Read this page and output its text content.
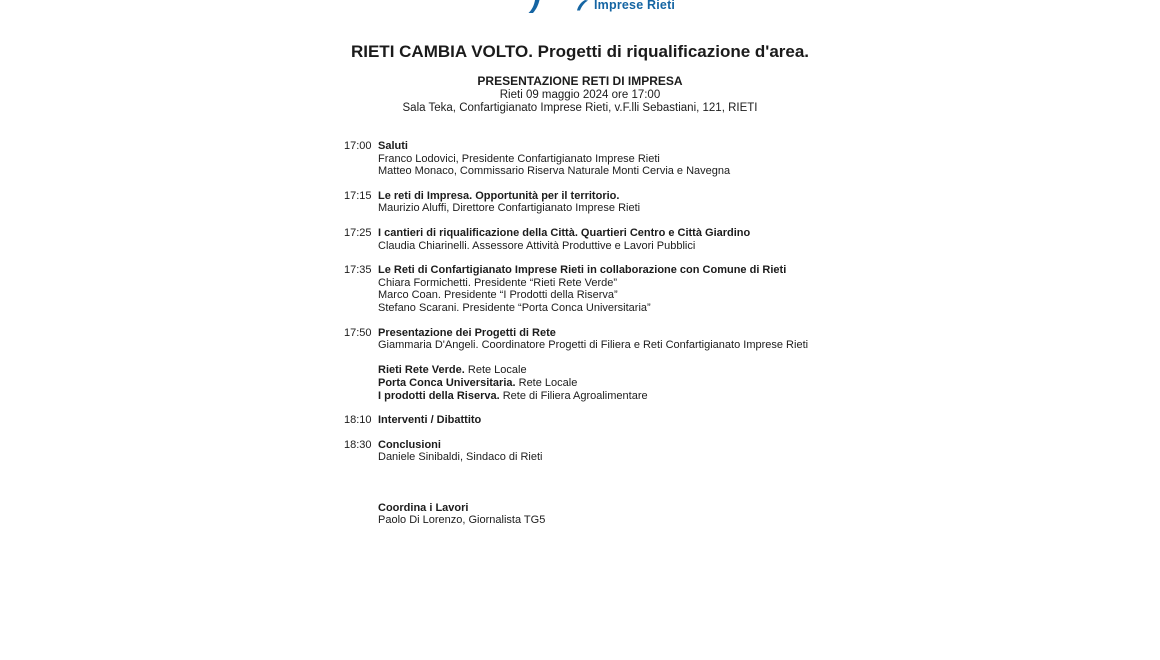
Imprese Rieti
RIETI CAMBIA VOLTO. Progetti di riqualificazione d'area.
PRESENTAZIONE RETI DI IMPRESA
Rieti 09 maggio 2024 ore 17:00
Sala Teka, Confartigianato Imprese Rieti, v.F.lli Sebastiani, 121, RIETI
17:00 Saluti
Franco Lodovici, Presidente Confartigianato Imprese Rieti
Matteo Monaco, Commissario Riserva Naturale Monti Cervia e Navegna
17:15 Le reti di Impresa. Opportunità per il territorio.
Maurizio Aluffi, Direttore Confartigianato Imprese Rieti
17:25 I cantieri di riqualificazione della Città. Quartieri Centro e Città Giardino
Claudia Chiarinelli. Assessore Attività Produttive e Lavori Pubblici
17:35 Le Reti di Confartigianato Imprese Rieti in collaborazione con Comune di Rieti
Chiara Formichetti. Presidente “Rieti Rete Verde”
Marco Coan. Presidente “I Prodotti della Riserva”
Stefano Scarani. Presidente “Porta Conca Universitaria”
17:50 Presentazione dei Progetti di Rete
Giammaria D'Angeli. Coordinatore Progetti di Filiera e Reti Confartigianato Imprese Rieti
Rieti Rete Verde. Rete Locale
Porta Conca Universitaria. Rete Locale
I prodotti della Riserva. Rete di Filiera Agroalimentare
18:10 Interventi / Dibattito
18:30 Conclusioni
Daniele Sinibaldi, Sindaco di Rieti
Coordina i Lavori
Paolo Di Lorenzo, Giornalista TG5
